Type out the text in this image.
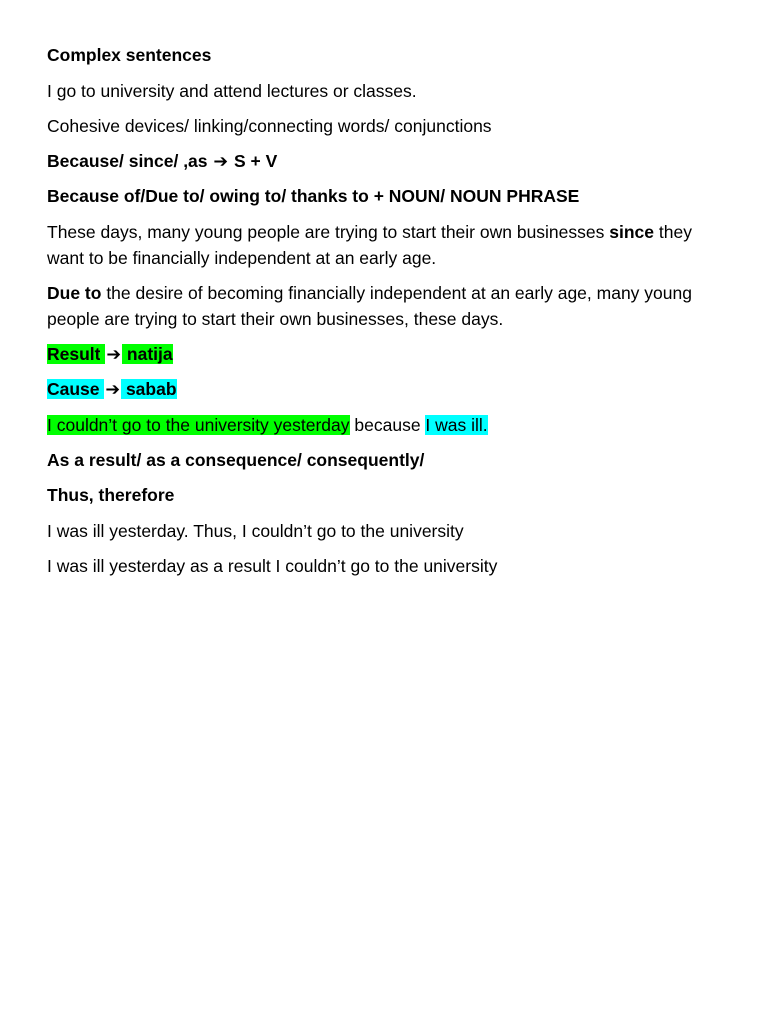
Complex sentences

I go to university and attend lectures or classes.

Cohesive devices/ linking/connecting words/ conjunctions

Because/ since/ ,as ➔ S + V

Because of/Due to/ owing to/ thanks to + NOUN/ NOUN PHRASE

These days, many young people are trying to start their own businesses since they want to be financially independent at an early age.

Due to the desire of becoming financially independent at an early age, many young people are trying to start their own businesses, these days.

Result ➔ natija

Cause ➔ sabab

I couldn’t go to the university yesterday because I was ill.

As a result/ as a consequence/ consequently/

Thus, therefore

I was ill yesterday. Thus, I couldn’t go to the university

I was ill yesterday as a result I couldn’t go to the university
